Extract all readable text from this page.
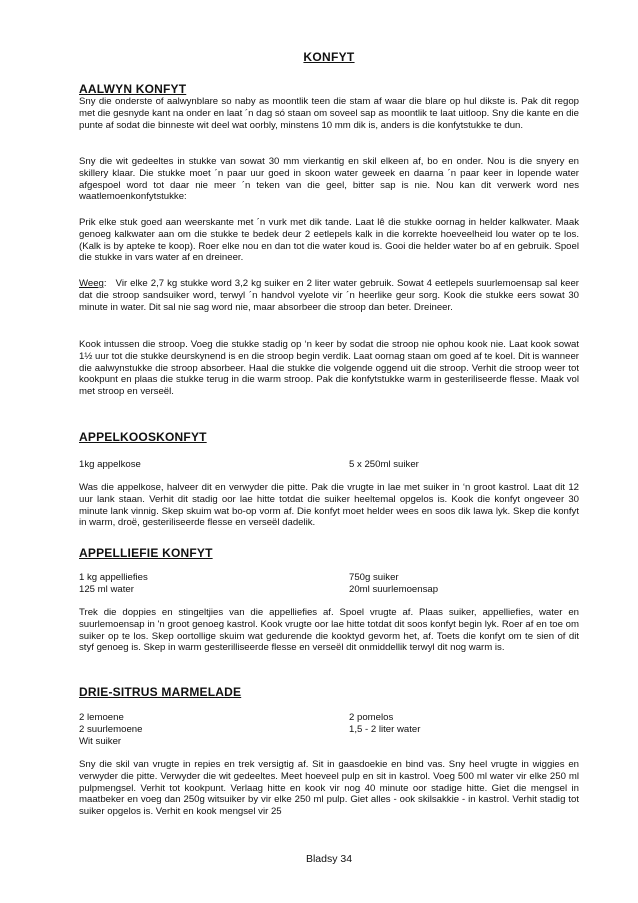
KONFYT
AALWYN KONFYT

Sny die onderste of aalwynblare so naby as moontlik teen die stam af waar die blare op hul dikste is. Pak dit regop met die gesnyde kant na onder en laat ´n dag só staan om soveel sap as moontlik te laat uitloop. Sny die kante en die punte af sodat die binneste wit deel wat oorbly, minstens 10 mm dik is, anders is die konfytstukke te dun.

Sny die wit gedeeltes in stukke van sowat 30 mm vierkantig en skil elkeen af, bo en onder. Nou is die snyery en skillery klaar. Die stukke moet ´n paar uur goed in skoon water geweek en daarna ´n paar keer in lopende water afgespoel word tot daar nie meer ´n teken van die geel, bitter sap is nie. Nou kan dit verwerk word nes waatlemoenkonfytstukke:

Prik elke stuk goed aan weerskante met ´n vurk met dik tande. Laat lê die stukke oornag in helder kalkwater. Maak genoeg kalkwater aan om die stukke te bedek deur 2 eetlepels kalk in die korrekte hoeveelheid lou water op te los. (Kalk is by apteke te koop). Roer elke nou en dan tot die water koud is. Gooi die helder water bo af en gebruik. Spoel die stukke in vars water af en dreineer.

Weeg:   Vir elke 2,7 kg stukke word 3,2 kg suiker en 2 liter water gebruik. Sowat 4 eetlepels suurlemoensap sal keer dat die stroop sandsuiker word, terwyl ´n handvol vyelote vir ´n heerlike geur sorg. Kook die stukke eers sowat 30 minute in water. Dit sal nie sag word nie, maar absorbeer die stroop dan beter. Dreineer.

Kook intussen die stroop. Voeg die stukke stadig op ‘n keer by sodat die stroop nie ophou kook nie. Laat kook sowat 1½ uur tot die stukke deurskynend is en die stroop begin verdik. Laat oornag staan om goed af te koel. Dit is wanneer die aalwynstukke die stroop absorbeer. Haal die stukke die volgende oggend uit die stroop. Verhit die stroop weer tot kookpunt en plaas die stukke terug in die warm stroop. Pak die konfytstukke warm in gesteriliseerde flesse. Maak vol met stroop en verseël.

APPELKOOSKONFYT
1kg appelkose	5 x 250ml suiker

Was die appelkose, halveer dit en verwyder die pitte. Pak die vrugte in lae met suiker in ‘n groot kastrol. Laat dit 12 uur lank staan. Verhit dit stadig oor lae hitte totdat die suiker heeltemal opgelos is. Kook die konfyt ongeveer 30 minute lank vinnig. Skep skuim wat bo-op vorm af. Die konfyt moet helder wees en soos dik lawa lyk. Skep die konfyt in warm, droë, gesteriliseerde flesse en verseël dadelik.

APPELLIEFIE KONFYT
1 kg appelliefies	750g suiker
125 ml water	20ml suurlemoensap

Trek die doppies en stingeltjies van die appelliefies af. Spoel vrugte af. Plaas suiker, appelliefies, water en suurlemoensap in 'n groot genoeg kastrol. Kook vrugte oor lae hitte totdat dit soos konfyt begin lyk. Roer af en toe om suiker op te los. Skep oortollige skuim wat gedurende die kooktyd gevorm het, af. Toets die konfyt om te sien of dit styf genoeg is. Skep in warm gesterilliseerde flesse en verseël dit onmiddellik terwyl dit nog warm is.

DRIE-SITRUS MARMELADE
2 lemoene	2 pomelos
2 suurlemoene	1,5 - 2 liter water
Wit suiker

Sny die skil van vrugte in repies en trek versigtig af. Sit in gaasdoekie en bind vas. Sny heel vrugte in wiggies en verwyder die pitte. Verwyder die wit gedeeltes. Meet hoeveel pulp en sit in kastrol. Voeg 500 ml water vir elke 250 ml pulpmengsel. Verhit tot kookpunt. Verlaag hitte en kook vir nog 40 minute oor stadige hitte. Giet die mengsel in maatbeker en voeg dan 250g witsuiker by vir elke 250 ml pulp. Giet alles - ook skilsakkie - in kastrol. Verhit stadig tot suiker opgelos is. Verhit en kook mengsel vir 25

Bladsy 34
